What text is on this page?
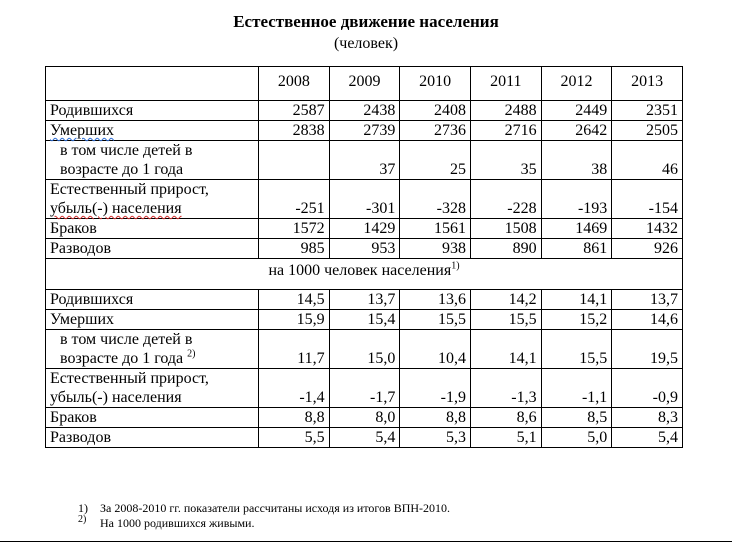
Естественное движение населения
(человек)
	2008	2009	2010	2011	2012	2013
Родившихся	2587	2438	2408	2488	2449	2351
Умерших	2838	2739	2736	2716	2642	2505
в том числе детей в
возрасте до 1 года		37	25	35	38	46
Естественный прирост,
убыль(-) населения	-251	-301	-328	-228	-193	-154
Браков	1572	1429	1561	1508	1469	1432
Разводов	985	953	938	890	861	926
на 1000 человек населения$^{1)}$
Родившихся	14,5	13,7	13,6	14,2	14,1	13,7
Умерших	15,9	15,4	15,5	15,5	15,2	14,6
в том числе детей в
возрасте до 1 года $^{2)}$	11,7	15,0	10,4	14,1	15,5	19,5
Естественный прирост,
убыль(-) населения	-1,4	-1,7	-1,9	-1,3	-1,1	-0,9
Браков	8,8	8,0	8,8	8,6	8,5	8,3
Разводов	5,5	5,4	5,3	5,1	5,0	5,4
1)	За 2008-2010 гг. показатели рассчитаны исходя из итогов ВПН-2010.
$^{2)}$	На 1000 родившихся живыми.
